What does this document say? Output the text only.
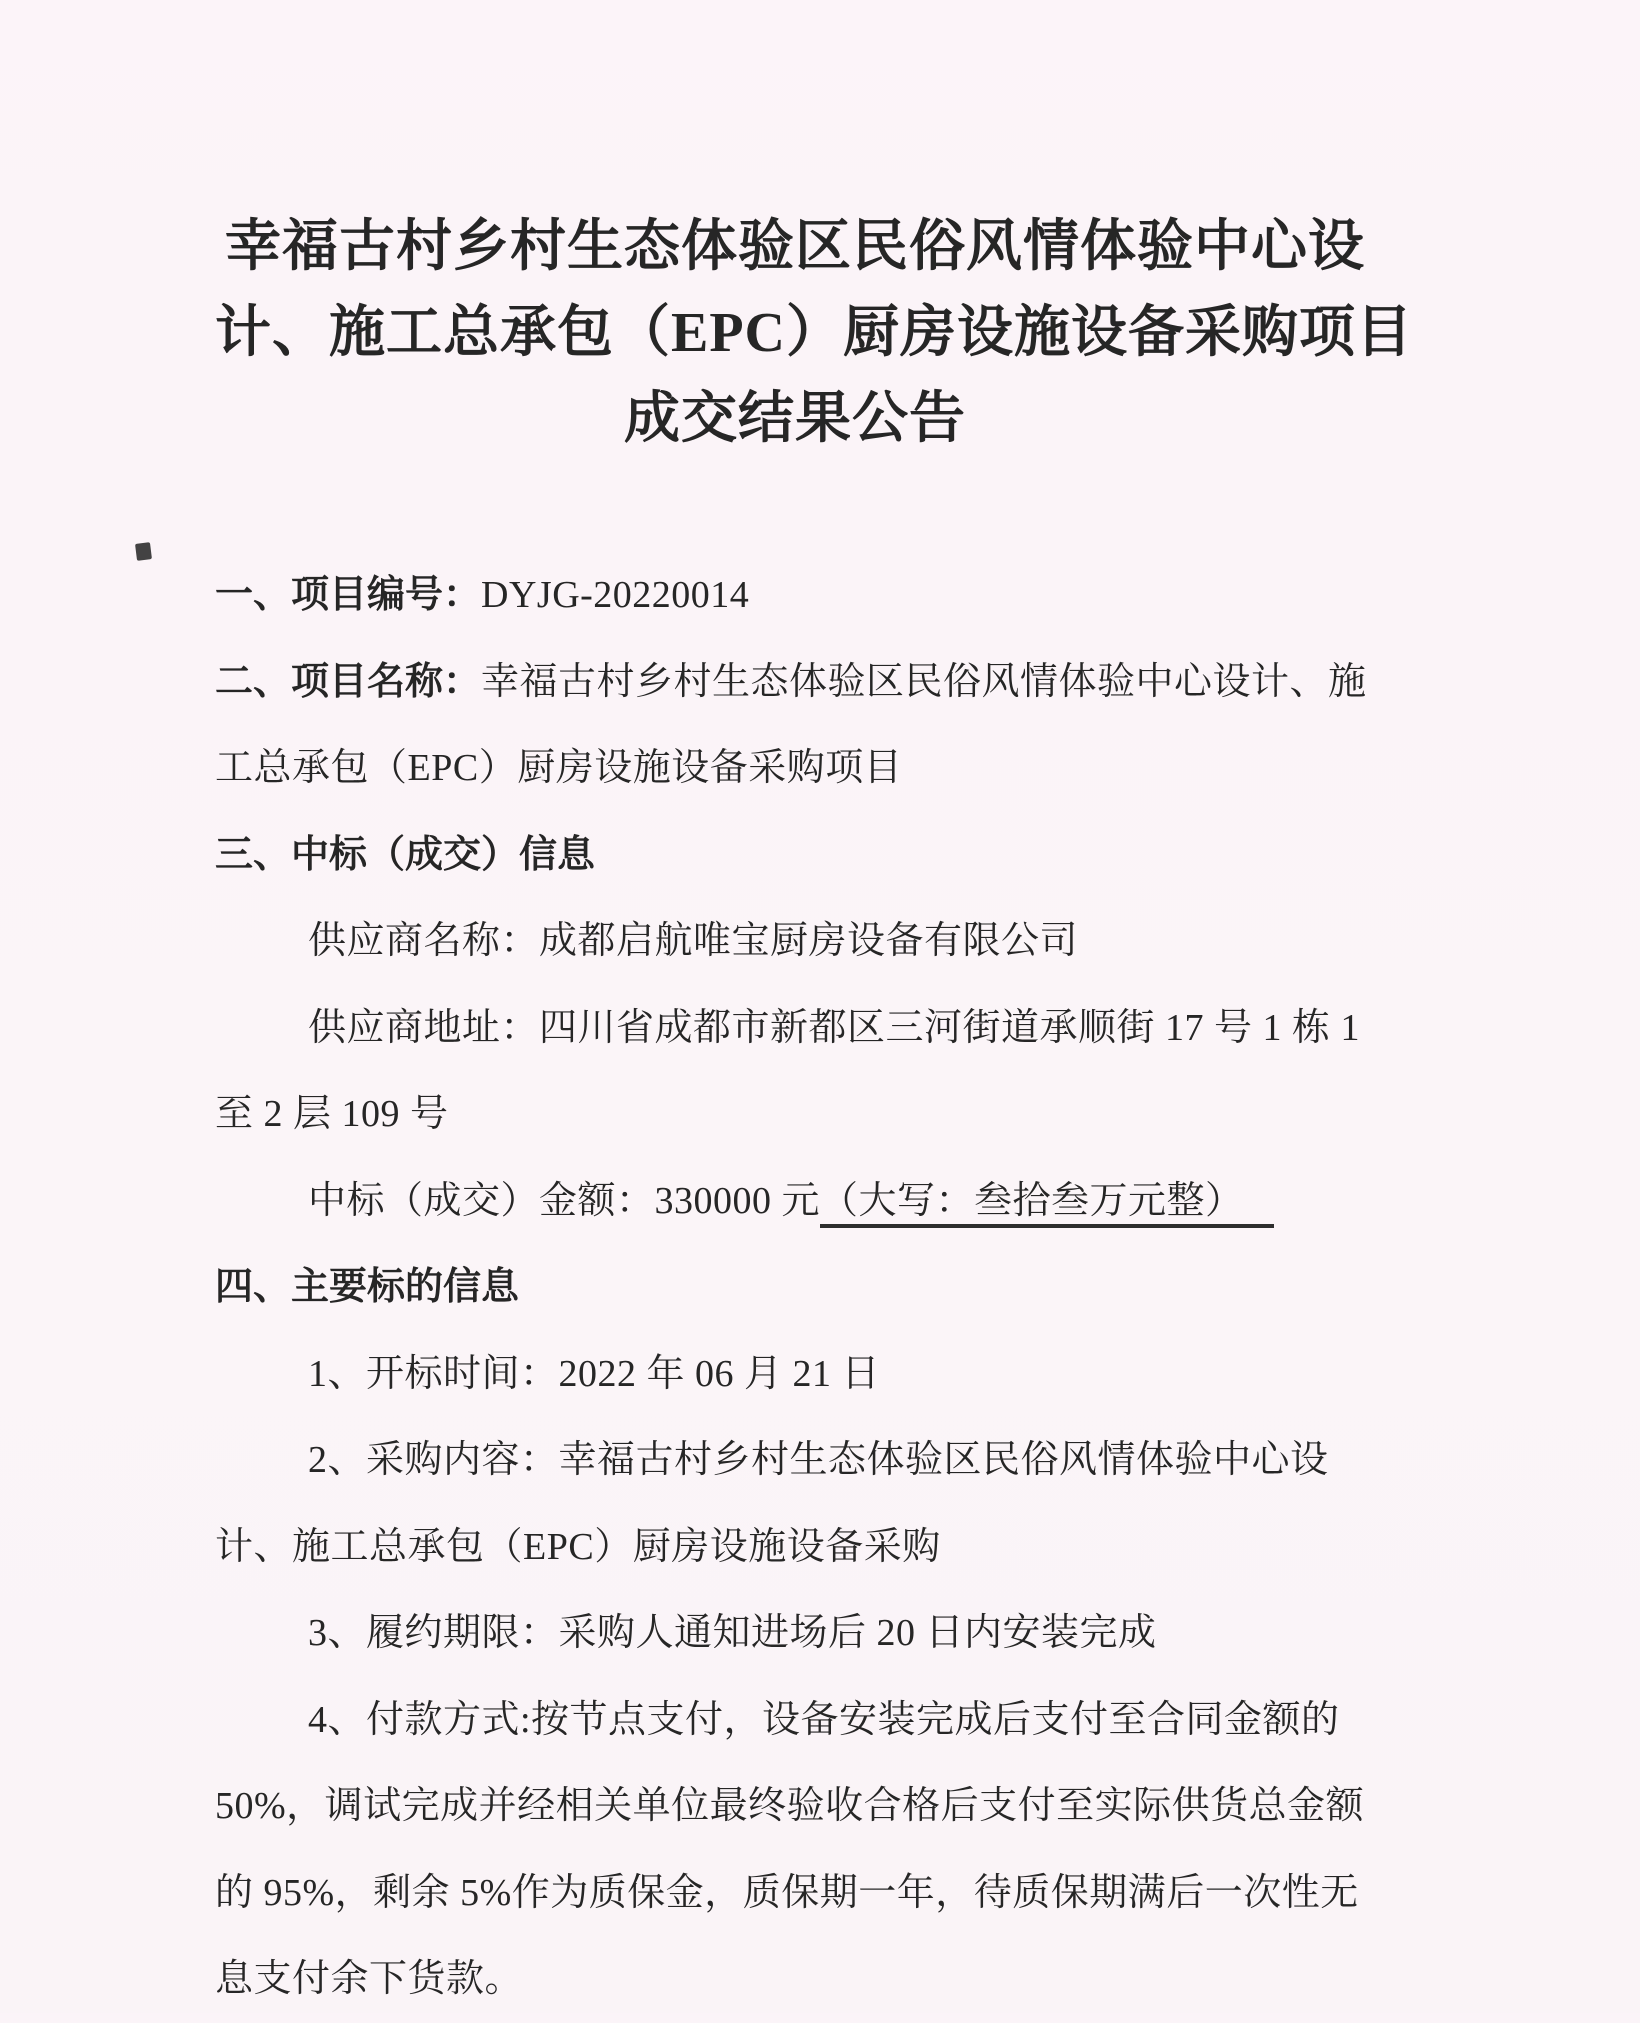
幸福古村乡村生态体验区民俗风情体验中心设
计、施工总承包（EPC）厨房设施设备采购项目
成交结果公告
一、项目编号：DYJG-20220014
二、项目名称：幸福古村乡村生态体验区民俗风情体验中心设计、施
工总承包（EPC）厨房设施设备采购项目
三、中标（成交）信息
供应商名称：成都启航唯宝厨房设备有限公司
供应商地址：四川省成都市新都区三河街道承顺街 17 号 1 栋 1
至 2 层 109 号
中标（成交）金额：330000 元（大写：叁拾叁万元整）
四、主要标的信息
1、开标时间：2022 年 06 月 21 日
2、采购内容：幸福古村乡村生态体验区民俗风情体验中心设
计、施工总承包（EPC）厨房设施设备采购
3、履约期限：采购人通知进场后 20 日内安装完成
4、付款方式:按节点支付，设备安装完成后支付至合同金额的
50%，调试完成并经相关单位最终验收合格后支付至实际供货总金额
的 95%，剩余 5%作为质保金，质保期一年，待质保期满后一次性无
息支付余下货款。
